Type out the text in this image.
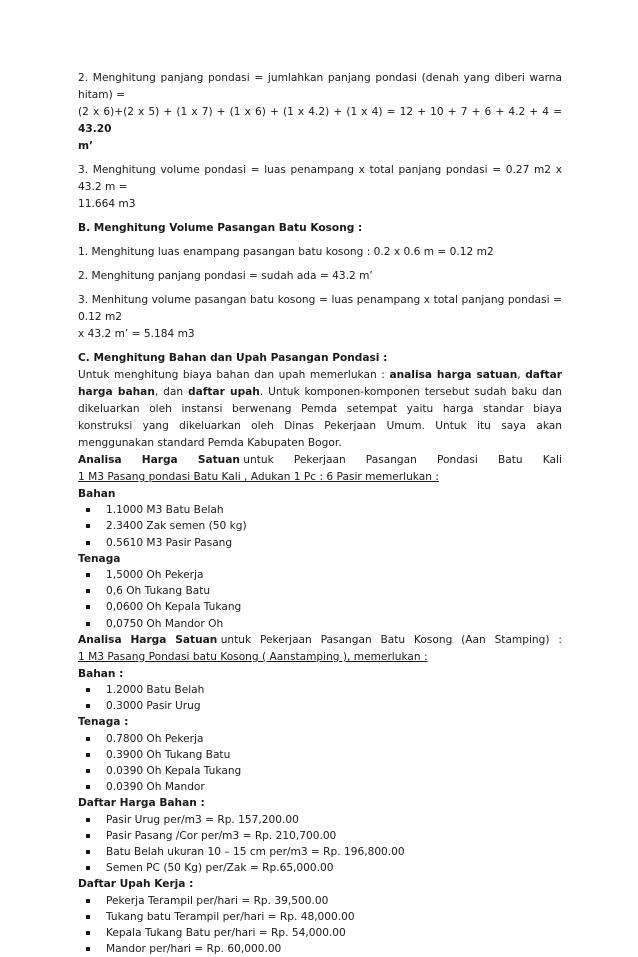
2. Menghitung panjang pondasi = jumlahkan panjang pondasi (denah yang diberi warna hitam) =
(2 x 6)+(2 x 5) + (1 x 7) + (1 x 6) + (1 x 4.2) + (1 x 4) = 12 + 10 + 7 + 6 + 4.2 + 4 = 43.20
m’

3. Menghitung volume pondasi = luas penampang x total panjang pondasi = 0.27 m2 x 43.2 m =
11.664 m3

B. Menghitung Volume Pasangan Batu Kosong :

1. Menghitung luas enampang pasangan batu kosong : 0.2 x 0.6 m = 0.12 m2

2. Menghitung panjang pondasi = sudah ada = 43.2 m’

3. Menhitung volume pasangan batu kosong = luas penampang x total panjang pondasi = 0.12 m2
x 43.2 m’ = 5.184 m3

C. Menghitung Bahan dan Upah Pasangan Pondasi :

Untuk menghitung biaya bahan dan upah memerlukan : analisa harga satuan, daftar harga bahan, dan daftar upah. Untuk komponen-komponen tersebut sudah baku dan dikeluarkan oleh instansi berwenang Pemda setempat yaitu harga standar biaya konstruksi yang dikeluarkan oleh Dinas Pekerjaan Umum. Untuk itu saya akan menggunakan standard Pemda Kabupaten Bogor.

Analisa Harga Satuan untuk Pekerjaan Pasangan Pondasi Batu Kali

1 M3 Pasang pondasi Batu Kali , Adukan 1 Pc : 6 Pasir memerlukan :

Bahan

1.1000 M3 Batu Belah
2.3400 Zak semen (50 kg)
0.5610 M3 Pasir Pasang

Tenaga

1,5000 Oh Pekerja
0,6 Oh Tukang Batu
0,0600 Oh Kepala Tukang
0,0750 Oh Mandor Oh
Analisa Harga Satuan untuk Pekerjaan Pasangan Batu Kosong (Aan Stamping) :

1 M3 Pasang Pondasi batu Kosong ( Aanstamping ), memerlukan :

Bahan :

1.2000 Batu Belah
0.3000 Pasir Urug

Tenaga :

0.7800 Oh Pekerja
0.3900 Oh Tukang Batu
0.0390 Oh Kepala Tukang
0.0390 Oh Mandor

Daftar Harga Bahan :

Pasir Urug per/m3 = Rp. 157,200.00
Pasir Pasang /Cor per/m3 = Rp. 210,700.00
Batu Belah ukuran 10 – 15 cm per/m3 = Rp. 196,800.00
Semen PC (50 Kg) per/Zak = Rp.65,000.00

Daftar Upah Kerja :

Pekerja Terampil per/hari = Rp. 39,500.00
Tukang batu Terampil per/hari = Rp. 48,000.00
Kepala Tukang Batu per/hari = Rp. 54,000.00
Mandor per/hari = Rp. 60,000.00
